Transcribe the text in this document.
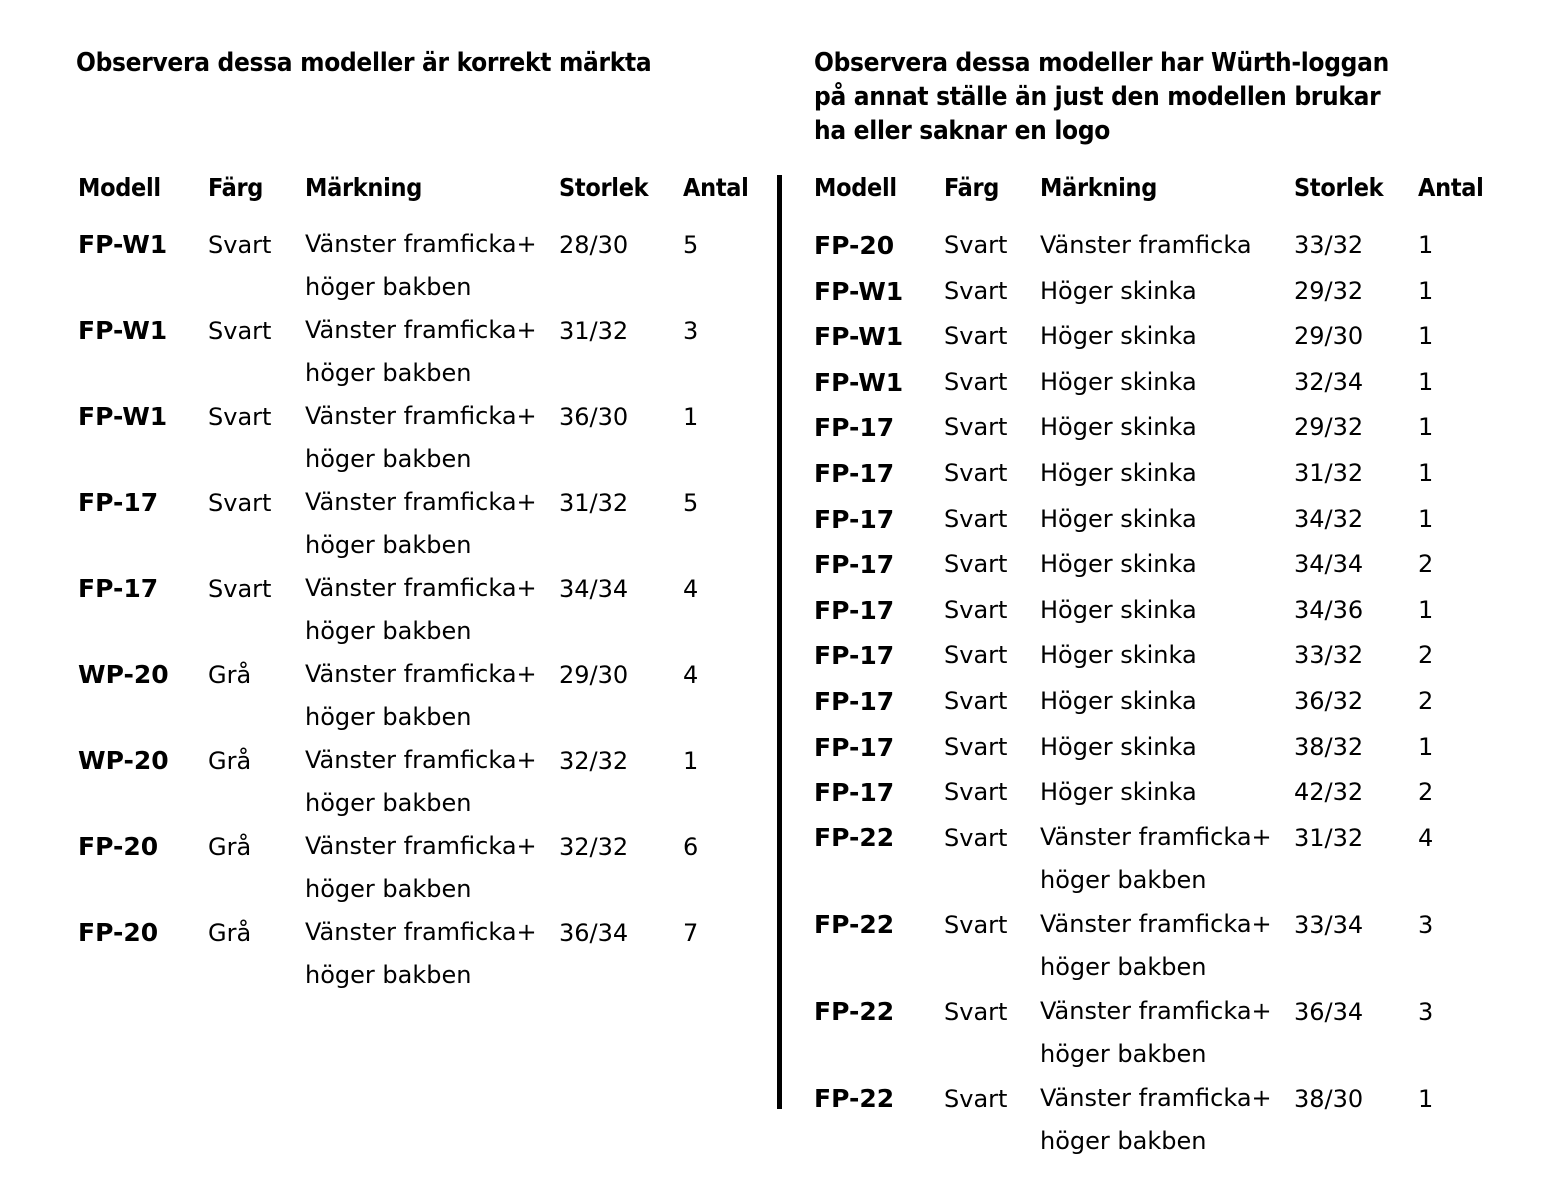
Observera dessa modeller är korrekt märkta	Observera dessa modeller har Würth-loggan
på annat ställe än just den modellen brukar
ha eller saknar en logo
Modell	Färg	Märkning	Storlek	Antal
FP-W1	Svart	Vänster framficka+
höger bakben	28/30	5
FP-W1	Svart	Vänster framficka+
höger bakben	31/32	3
FP-W1	Svart	Vänster framficka+
höger bakben	36/30	1
FP-17	Svart	Vänster framficka+
höger bakben	31/32	5
FP-17	Svart	Vänster framficka+
höger bakben	34/34	4
WP-20	Grå	Vänster framficka+
höger bakben	29/30	4
WP-20	Grå	Vänster framficka+
höger bakben	32/32	1
FP-20	Grå	Vänster framficka+
höger bakben	32/32	6
FP-20	Grå	Vänster framficka+
höger bakben	36/34	7
Modell	Färg	Märkning	Storlek	Antal
FP-20	Svart	Vänster framficka	33/32	1
FP-W1	Svart	Höger skinka	29/32	1
FP-W1	Svart	Höger skinka	29/30	1
FP-W1	Svart	Höger skinka	32/34	1
FP-17	Svart	Höger skinka	29/32	1
FP-17	Svart	Höger skinka	31/32	1
FP-17	Svart	Höger skinka	34/32	1
FP-17	Svart	Höger skinka	34/34	2
FP-17	Svart	Höger skinka	34/36	1
FP-17	Svart	Höger skinka	33/32	2
FP-17	Svart	Höger skinka	36/32	2
FP-17	Svart	Höger skinka	38/32	1
FP-17	Svart	Höger skinka	42/32	2
FP-22	Svart	Vänster framficka+
höger bakben	31/32	4
FP-22	Svart	Vänster framficka+
höger bakben	33/34	3
FP-22	Svart	Vänster framficka+
höger bakben	36/34	3
FP-22	Svart	Vänster framficka+
höger bakben	38/30	1
